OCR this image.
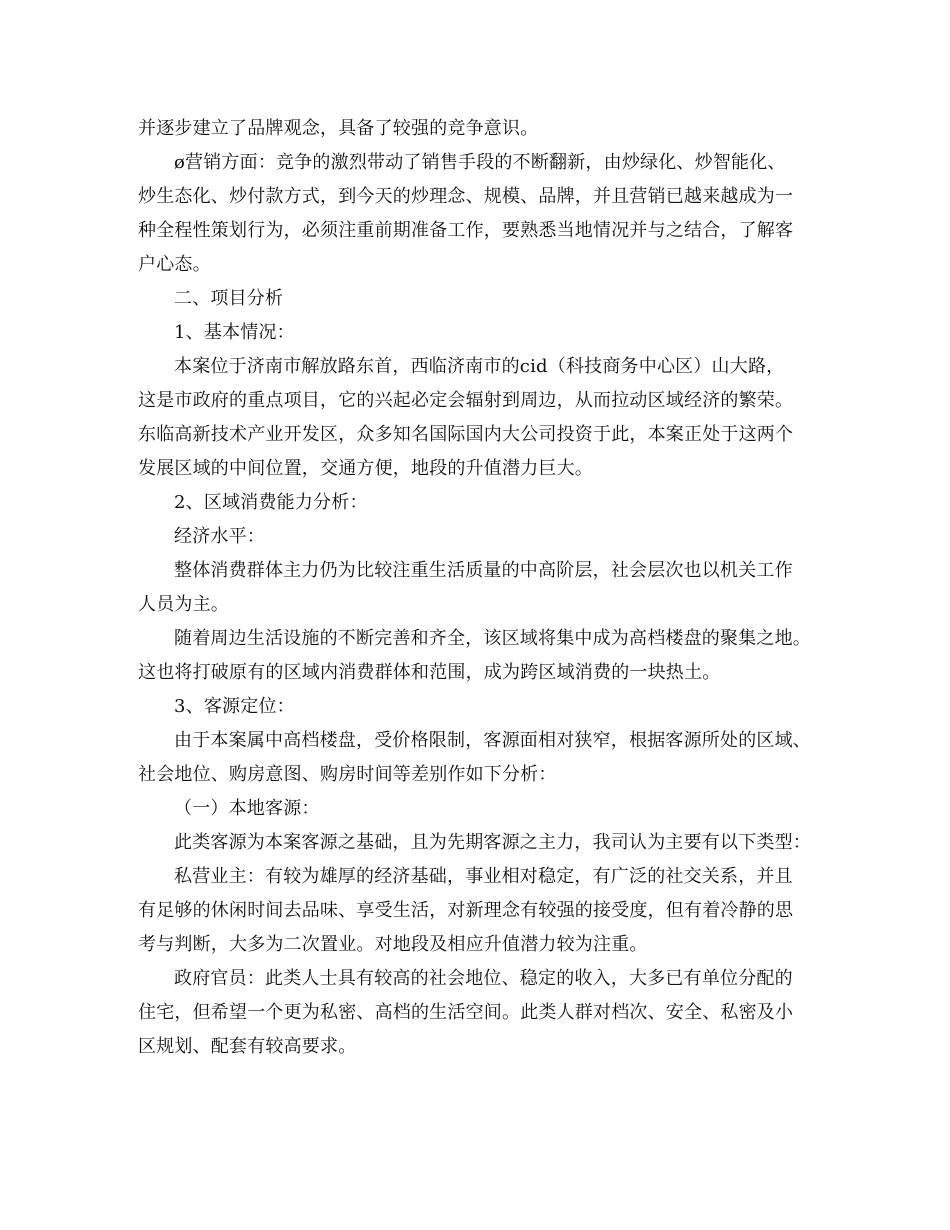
并逐步建立了品牌观念，具备了较强的竞争意识。
ø营销方面：竞争的激烈带动了销售手段的不断翻新，由炒绿化、炒智能化、
炒生态化、炒付款方式，到今天的炒理念、规模、品牌，并且营销已越来越成为一
种全程性策划行为，必须注重前期准备工作，要熟悉当地情况并与之结合，了解客
户心态。
二、项目分析
1、基本情况：
本案位于济南市解放路东首，西临济南市的cid（科技商务中心区）山大路，
这是市政府的重点项目，它的兴起必定会辐射到周边，从而拉动区域经济的繁荣。
东临高新技术产业开发区，众多知名国际国内大公司投资于此，本案正处于这两个
发展区域的中间位置，交通方便，地段的升值潜力巨大。
2、区域消费能力分析：
经济水平：
整体消费群体主力仍为比较注重生活质量的中高阶层，社会层次也以机关工作
人员为主。
随着周边生活设施的不断完善和齐全，该区域将集中成为高档楼盘的聚集之地。
这也将打破原有的区域内消费群体和范围，成为跨区域消费的一块热土。
3、客源定位：
由于本案属中高档楼盘，受价格限制，客源面相对狭窄，根据客源所处的区域、
社会地位、购房意图、购房时间等差别作如下分析：
（一）本地客源：
此类客源为本案客源之基础，且为先期客源之主力，我司认为主要有以下类型：
私营业主：有较为雄厚的经济基础，事业相对稳定，有广泛的社交关系，并且
有足够的休闲时间去品味、享受生活，对新理念有较强的接受度，但有着冷静的思
考与判断，大多为二次置业。对地段及相应升值潜力较为注重。
政府官员：此类人士具有较高的社会地位、稳定的收入，大多已有单位分配的
住宅，但希望一个更为私密、高档的生活空间。此类人群对档次、安全、私密及小
区规划、配套有较高要求。
